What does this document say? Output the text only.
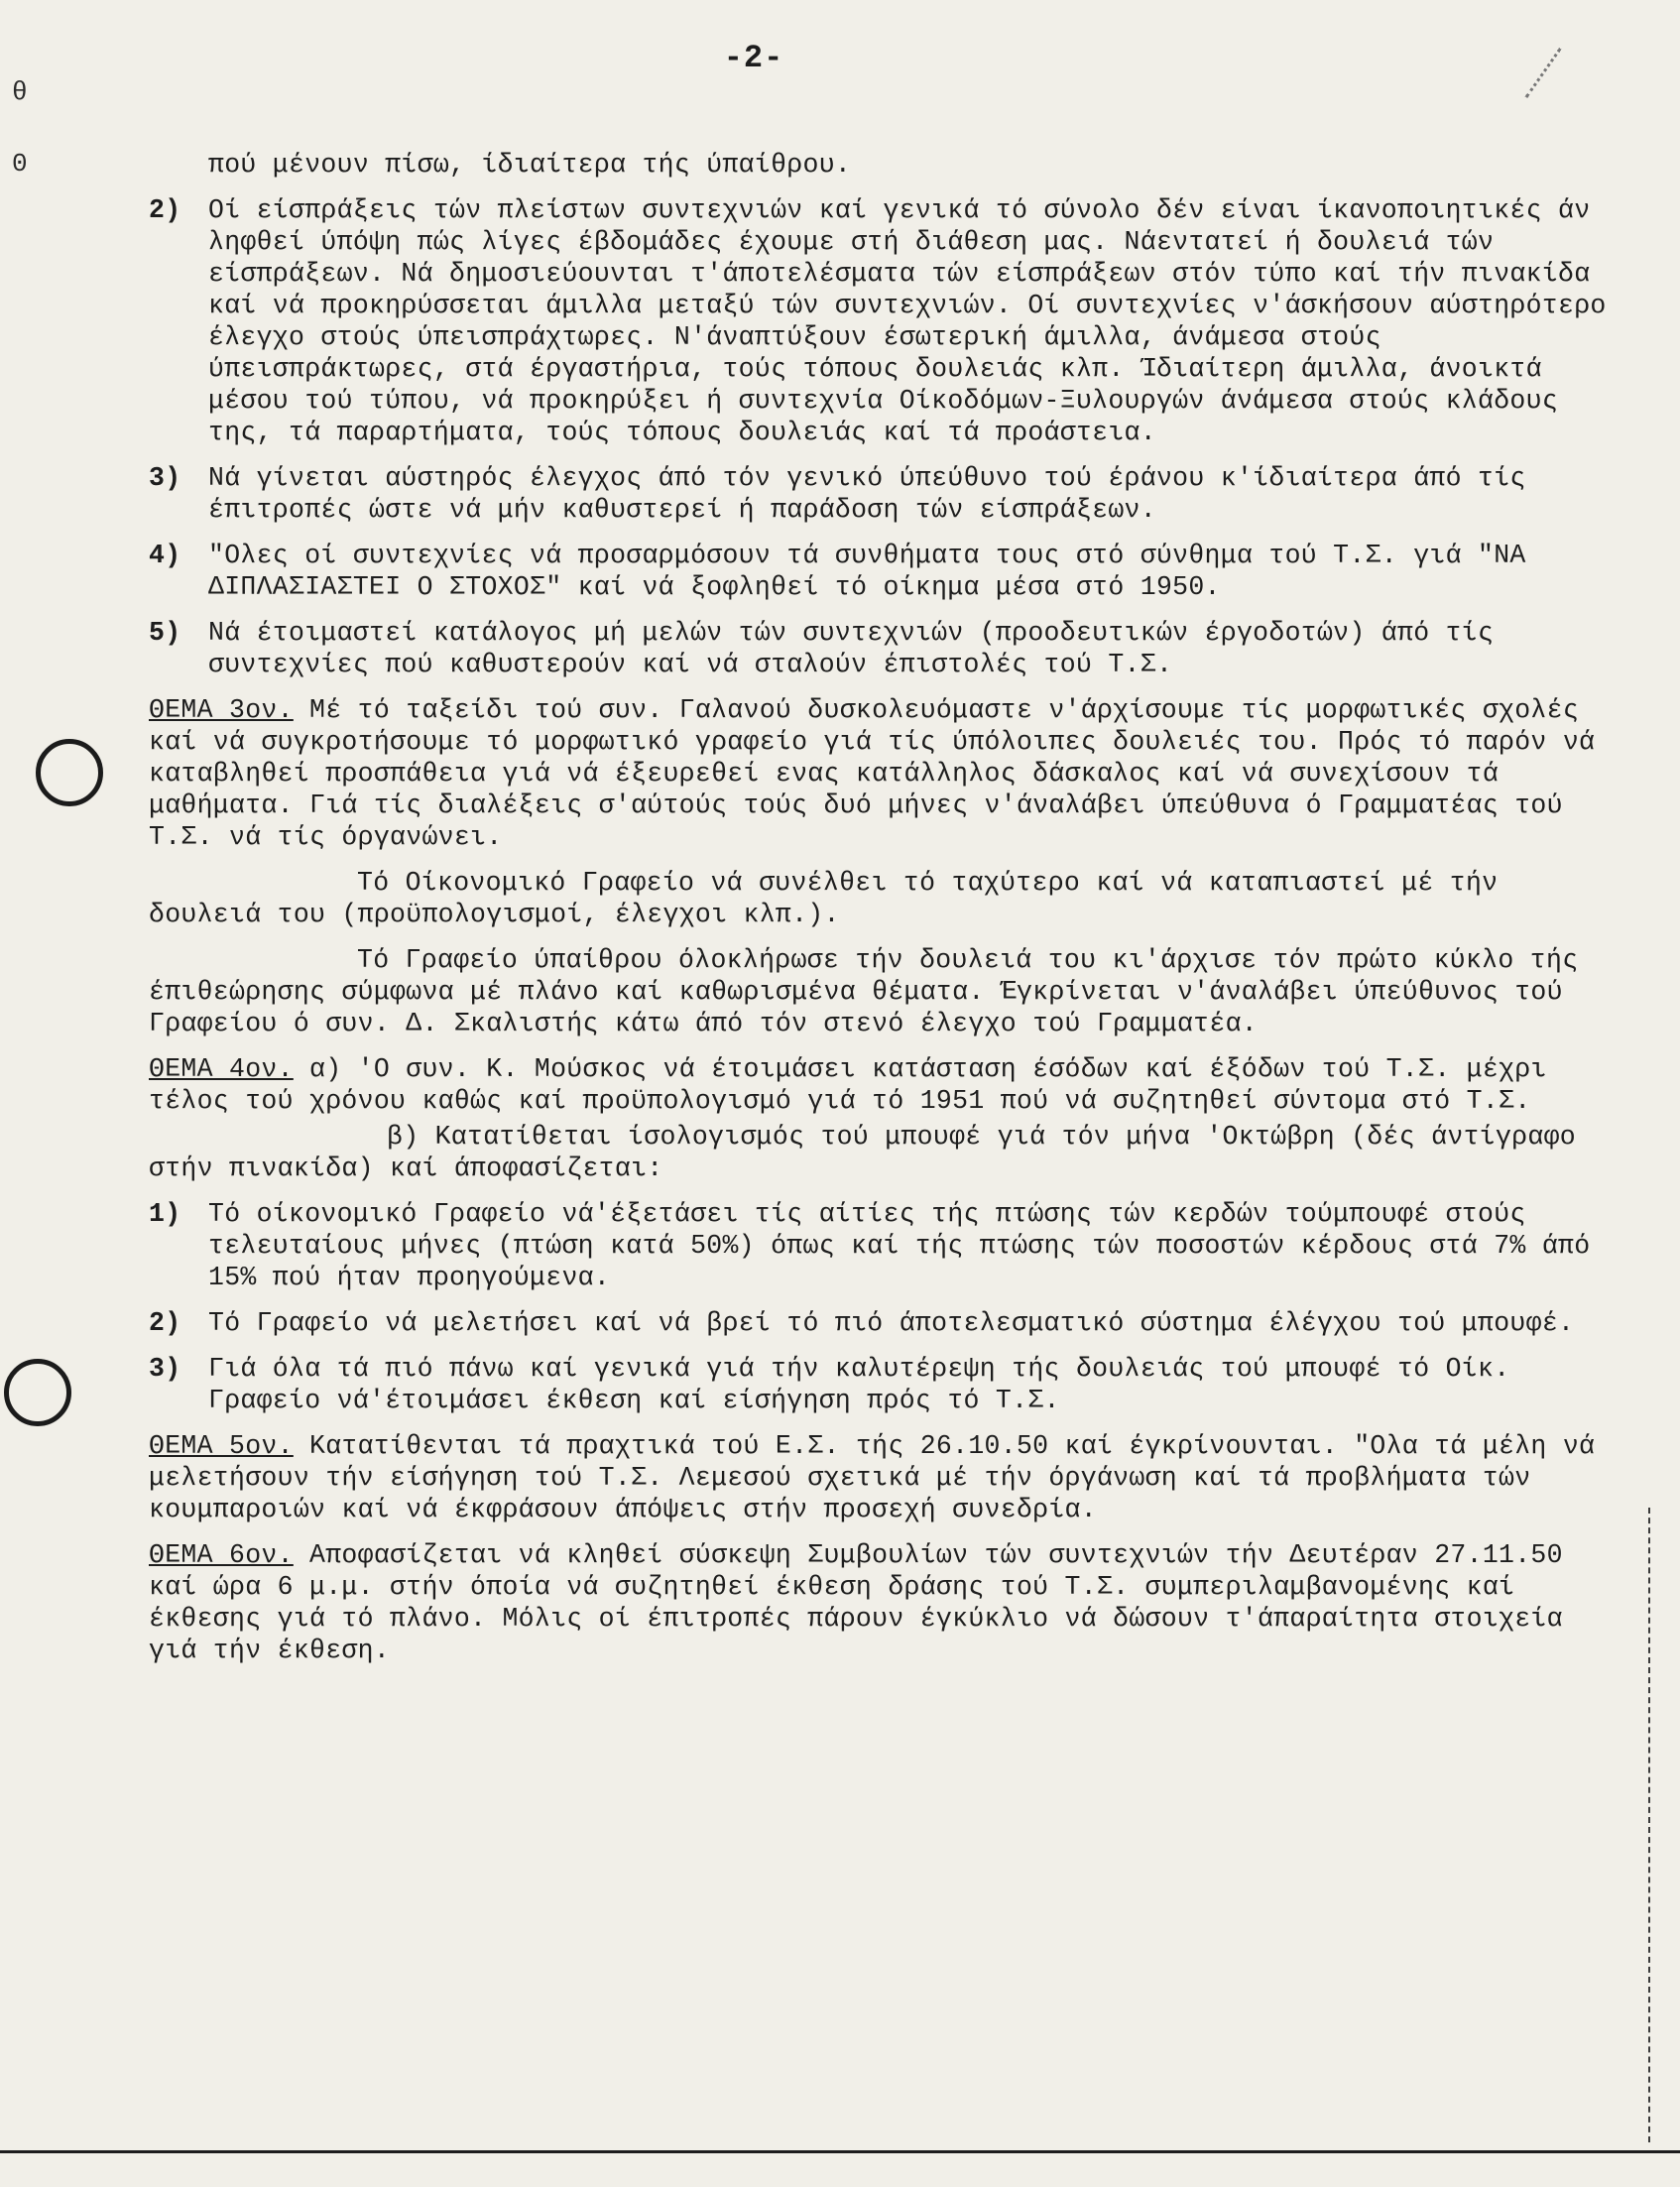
-2-
θ
0	πού μένουν πίσω, ίδιαίτερα τής ύπαίθρου.

2)	Οί είσπράξεις τών πλείστων συντεχνιών καί γενικά τό σύνολο δέν είναι ίκανοποιητικές άν ληφθεί ύπόψη πώς λίγες έβδομάδες έχουμε στή διάθεση μας. Νάεντατεί ή δουλειά τών είσπράξεων. Νά δημοσιεύουνται τ'άποτελέσματα τών είσπράξεων στόν τύπο καί τήν πινακίδα καί νά προκηρύσσεται άμιλλα μεταξύ τών συντεχνιών. Οί συντεχνίες ν'άσκήσουν αύστηρότερο έλεγχο στούς ύπεισπράχτωρες. Ν'άναπτύξουν έσωτερική άμιλλα, άνάμεσα στούς ύπεισπράκτωρες, στά έργαστήρια, τούς τόπους δουλειάς κλπ. Ίδιαίτερη άμιλλα, άνοικτά μέσου τού τύπου, νά προκηρύξει ή συντεχνία Οίκοδόμων-Ξυλουργών άνάμεσα στούς κλάδους της, τά παραρτήματα, τούς τόπους δουλειάς καί τά προάστεια.
3)	Νά γίνεται αύστηρός έλεγχος άπό τόν γενικό ύπεύθυνο τού έράνου κ'ίδιαίτερα άπό τίς έπιτροπές ώστε νά μήν καθυστερεί ή παράδοση τών είσπράξεων.
4)	"Ολες οί συντεχνίες νά προσαρμόσουν τά συνθήματα τους στό σύνθημα τού Τ.Σ. γιά "ΝΑ ΔΙΠΛΑΣΙΑΣΤΕΙ Ο ΣΤΟΧΟΣ" καί νά ξοφληθεί τό οίκημα μέσα στό 1950.
5)	Νά έτοιμαστεί κατάλογος μή μελών τών συντεχνιών (προοδευτικών έργοδοτών) άπό τίς συντεχνίες πού καθυστερούν καί νά σταλούν έπιστολές τού Τ.Σ.

ΘΕΜΑ 3ον. Μέ τό ταξείδι τού συν. Γαλανού δυσκολευόμαστε ν'άρχίσουμε τίς μορφωτικές σχολές καί νά συγκροτήσουμε τό μορφωτικό γραφείο γιά τίς ύπόλοιπες δουλειές του. Πρός τό παρόν νά καταβληθεί προσπάθεια γιά νά έξευρεθεί ενας κατάλληλος δάσκαλος καί νά συνεχίσουν τά μαθήματα. Γιά τίς διαλέξεις σ'αύτούς τούς δυό μήνες ν'άναλάβει ύπεύθυνα ό Γραμματέας τού Τ.Σ. νά τίς όργανώνει.

Τό Οίκονομικό Γραφείο νά συνέλθει τό ταχύτερο καί νά καταπιαστεί μέ τήν δουλειά του (προϋπολογισμοί, έλεγχοι κλπ.).

Τό Γραφείο ύπαίθρου όλοκλήρωσε τήν δουλειά του κι'άρχισε τόν πρώτο κύκλο τής έπιθεώρησης σύμφωνα μέ πλάνο καί καθωρισμένα θέματα. Έγκρίνεται ν'άναλάβει ύπεύθυνος τού Γραφείου ό συν. Δ. Σκαλιστής κάτω άπό τόν στενό έλεγχο τού Γραμματέα.

ΘΕΜΑ 4ον. α) 'Ο συν. Κ. Μούσκος νά έτοιμάσει κατάσταση έσόδων καί έξόδων τού Τ.Σ. μέχρι τέλος τού χρόνου καθώς καί προϋπολογισμό γιά τό 1951 πού νά συζητηθεί σύντομα στό Τ.Σ.

β) Κατατίθεται ίσολογισμός τού μπουφέ γιά τόν μήνα 'Οκτώβρη (δές άντίγραφο στήν πινακίδα) καί άποφασίζεται:

1)	Τό οίκονομικό Γραφείο νά'έξετάσει τίς αίτίες τής πτώσης τών κερδών τούμπουφέ στούς τελευταίους μήνες (πτώση κατά 50%) όπως καί τής πτώσης τών ποσοστών κέρδους στά 7% άπό 15% πού ήταν προηγούμενα.
2)	Τό Γραφείο νά μελετήσει καί νά βρεί τό πιό άποτελεσματικό σύστημα έλέγχου τού μπουφέ.
3)	Γιά όλα τά πιό πάνω καί γενικά γιά τήν καλυτέρεψη τής δουλειάς τού μπουφέ τό Οίκ. Γραφείο νά'έτοιμάσει έκθεση καί είσήγηση πρός τό Τ.Σ.

ΘΕΜΑ 5ον. Κατατίθενται τά πραχτικά τού Ε.Σ. τής 26.10.50 καί έγκρίνουνται. "Ολα τά μέλη νά μελετήσουν τήν είσήγηση τού Τ.Σ. Λεμεσού σχετικά μέ τήν όργάνωση καί τά προβλήματα τών κουμπαροιών καί νά έκφράσουν άπόψεις στήν προσεχή συνεδρία.

ΘΕΜΑ 6ον. Αποφασίζεται νά κληθεί σύσκεψη Συμβουλίων τών συντεχνιών τήν Δευτέραν 27.11.50 καί ώρα 6 μ.μ. στήν όποία νά συζητηθεί έκθεση δράσης τού Τ.Σ. συμπεριλαμβανομένης καί έκθεσης γιά τό πλάνο. Μόλις οί έπιτροπές πάρουν έγκύκλιο νά δώσουν τ'άπαραίτητα στοιχεία γιά τήν έκθεση.
